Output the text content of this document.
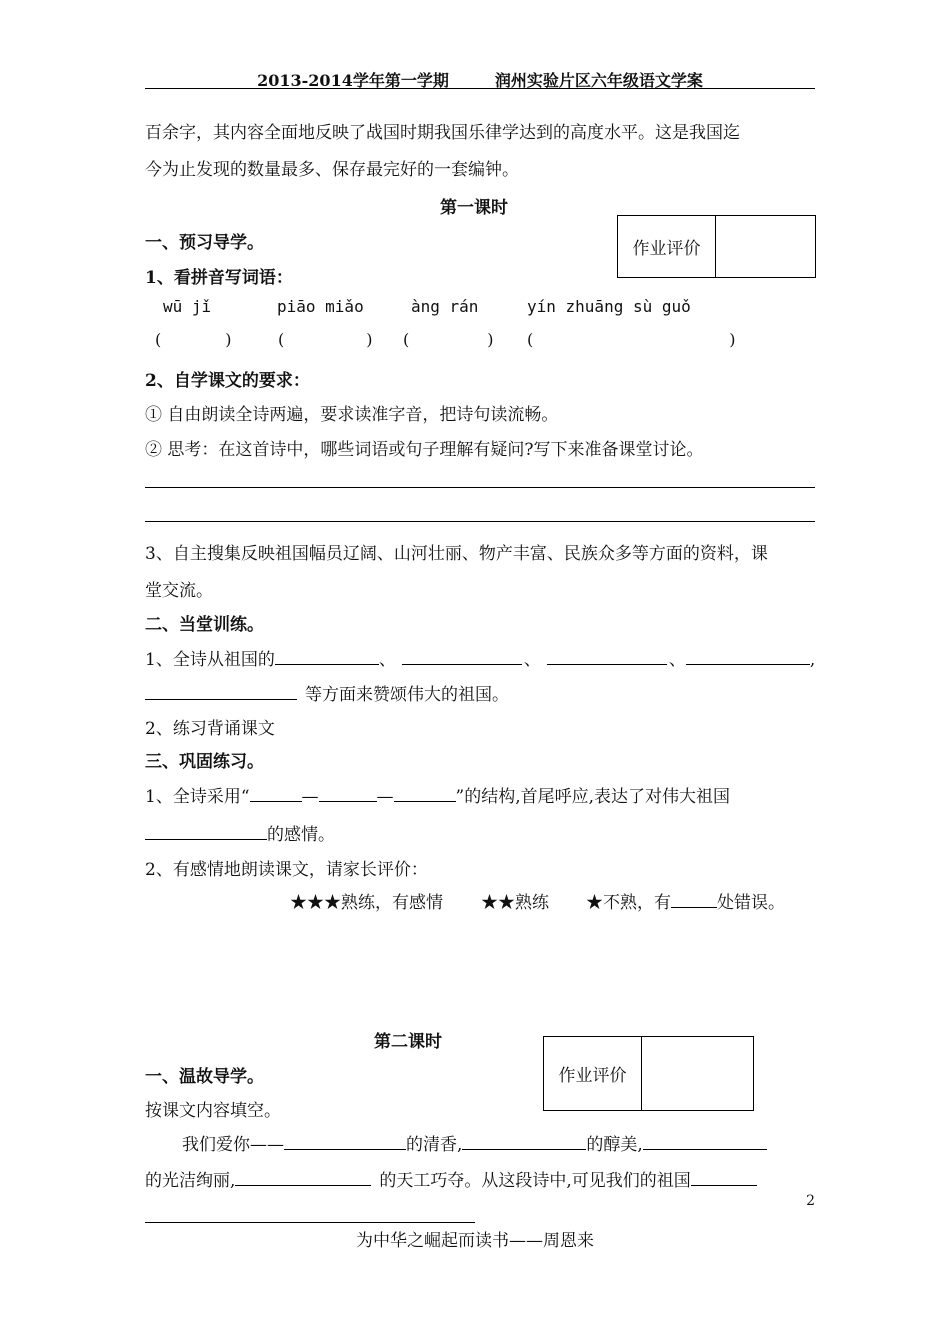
2013-2014学年第一学期	润州实验片区六年级语文学案
百余字，其内容全面地反映了战国时期我国乐律学达到的高度水平。这是我国迄
今为止发现的数量最多、保存最完好的一套编钟。
第一课时
作业评价
一、预习导学。
1、看拼音写词语：
wū jǐ	piāo miǎo	àng rán	yín zhuāng sù guǒ
(	)	(	) (	) (	)
2、自学课文的要求：
① 自由朗读全诗两遍，要求读准字音，把诗句读流畅。
② 思考：在这首诗中，哪些词语或句子理解有疑问?写下来准备课堂讨论。
3、自主搜集反映祖国幅员辽阔、山河壮丽、物产丰富、民族众多等方面的资料，课
堂交流。
二、当堂训练。
1、全诗从祖国的	、	、	、	,
等方面来赞颂伟大的祖国。
2、练习背诵课文
三、巩固练习。
1、全诗采用“	—	—	”的结构,首尾呼应,表达了对伟大祖国
的感情。
2、有感情地朗读课文，请家长评价：
★★★熟练，有感情 ★★熟练 ★不熟，有	处错误。
第二课时
作业评价
一、温故导学。
按课文内容填空。
我们爱你——	的清香,	的醇美,
的光洁绚丽,	的天工巧夺。从这段诗中,可见我们的祖国
2
为中华之崛起而读书——周恩来
